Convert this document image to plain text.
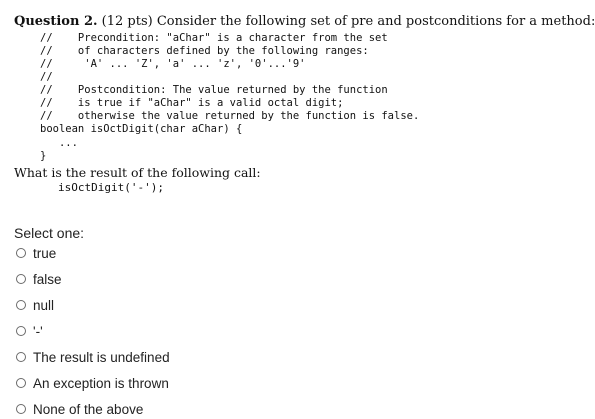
Question 2. (12 pts) Consider the following set of pre and postconditions for a method:
//    Precondition: "aChar" is a character from the set
//    of characters defined by the following ranges:
//     'A' ... 'Z', 'a' ... 'z', '0'...'9'
//
//    Postcondition: The value returned by the function
//    is true if "aChar" is a valid octal digit;
//    otherwise the value returned by the function is false.
boolean isOctDigit(char aChar) {
...
}
What is the result of the following call:
isOctDigit('-');
Select one:
true
false
null
'-'
The result is undefined
An exception is thrown
None of the above
